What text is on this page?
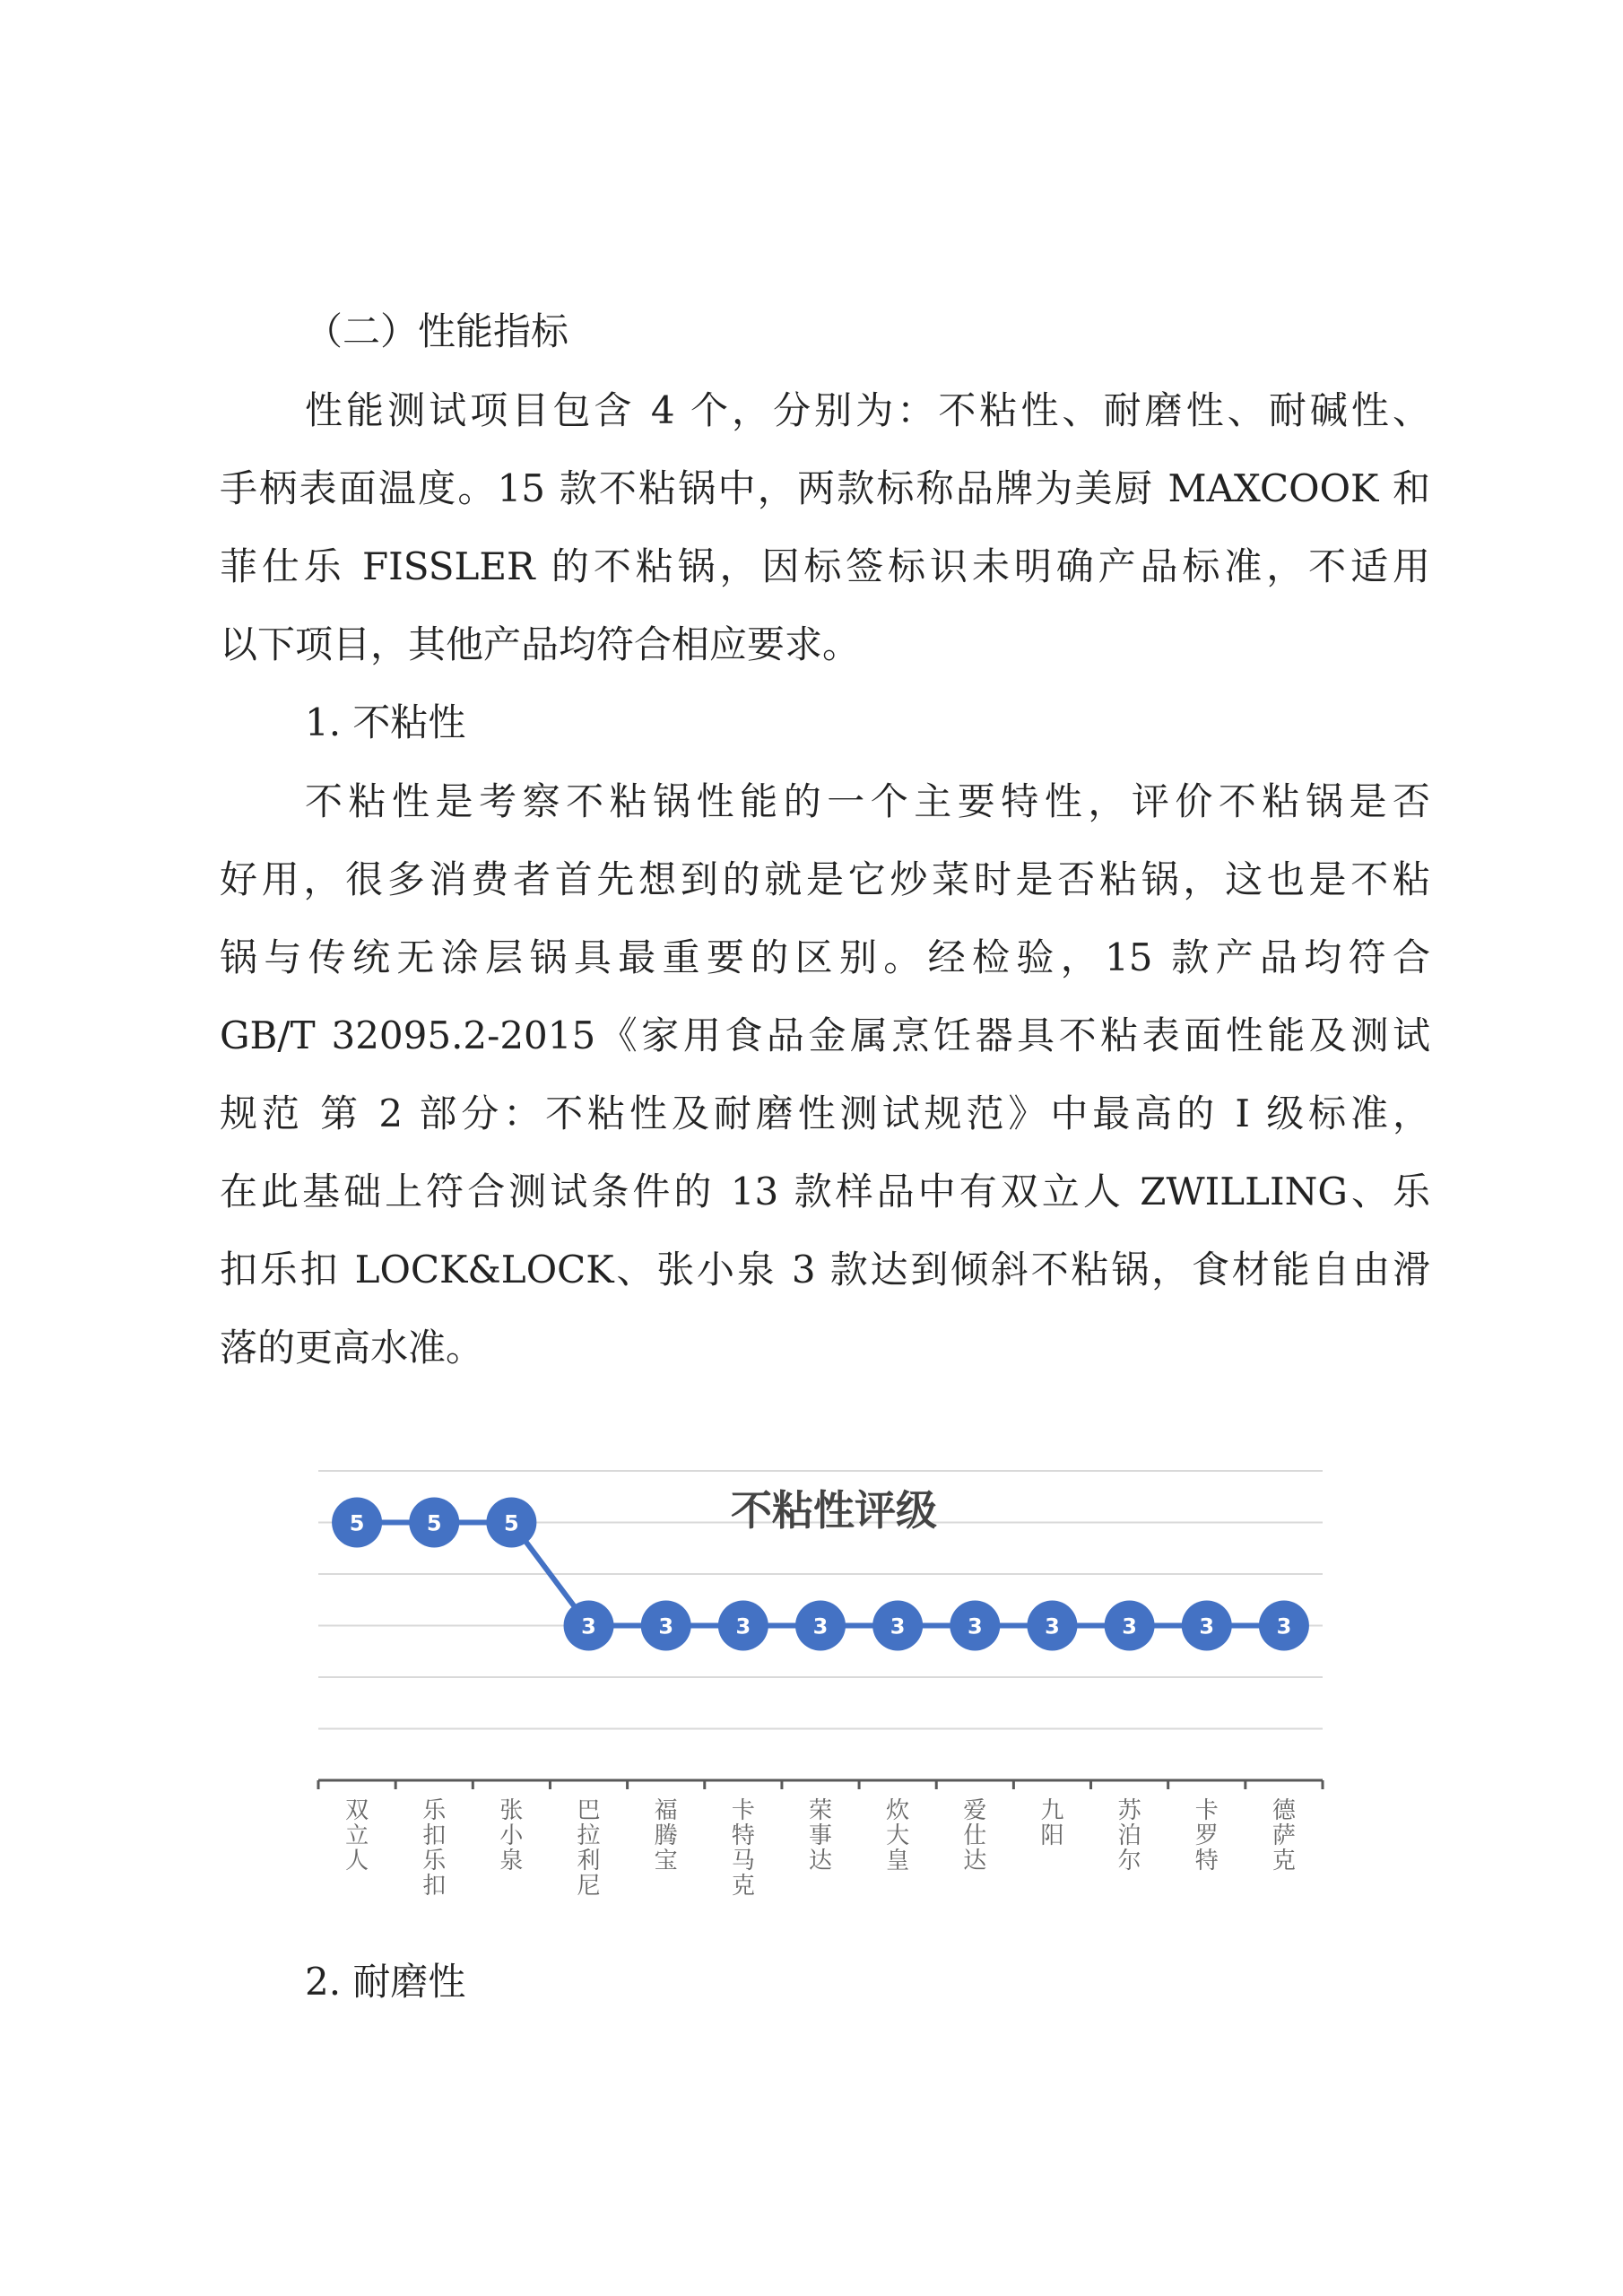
（二）性能指标
性能测试项目包含 4 个，分别为：不粘性、耐磨性、耐碱性、
手柄表面温度。15 款不粘锅中，两款标称品牌为美厨 MAXCOOK 和
菲仕乐 FISSLER 的不粘锅，因标签标识未明确产品标准，不适用
以下项目，其他产品均符合相应要求。
1. 不粘性
不粘性是考察不粘锅性能的一个主要特性，评价不粘锅是否
好用，很多消费者首先想到的就是它炒菜时是否粘锅，这也是不粘
锅与传统无涂层锅具最重要的区别。经检验，15 款产品均符合
GB/T 32095.2-2015《家用食品金属烹饪器具不粘表面性能及测试
规范 第 2 部分：不粘性及耐磨性测试规范》中最高的 I 级标准，
在此基础上符合测试条件的 13 款样品中有双立人 ZWILLING、乐
扣乐扣 LOCK&LOCK、张小泉 3 款达到倾斜不粘锅，食材能自由滑
落的更高水准。
不粘性评级
5	5	5
3	3	3	3	3	3	3	3	3	3
双立人
乐扣乐扣
张小泉
巴拉利尼
福腾宝
卡特马克
荣事达
炊大皇
爱仕达
九阳
苏泊尔
卡罗特
德萨克
2. 耐磨性
